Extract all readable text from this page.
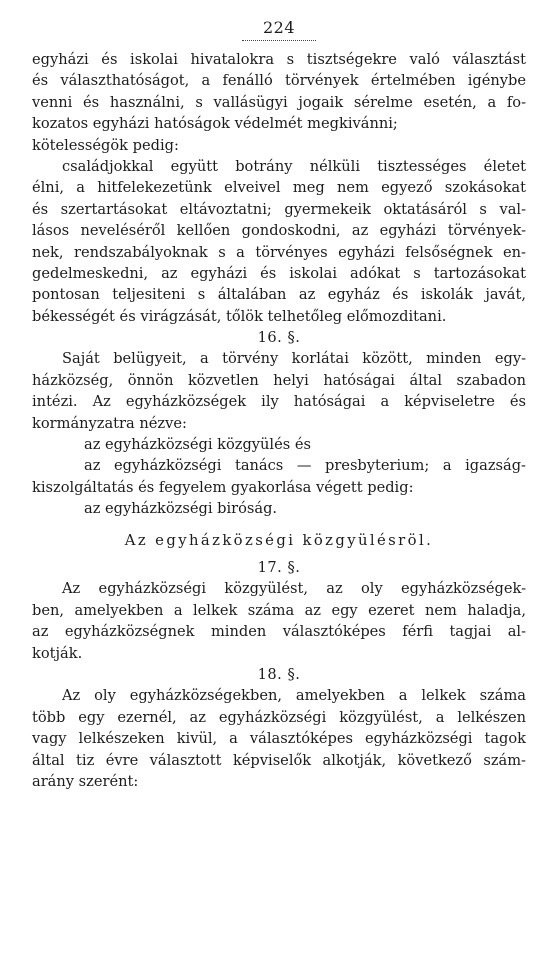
224
egyházi és iskolai hivatalokra s tisztségekre való választást
és választhatóságot, a fenálló törvények értelmében igénybe
venni és használni, s vallásügyi jogaik sérelme esetén, a fo-
kozatos egyházi hatóságok védelmét megkivánni;
kötelességök pedig:
családjokkal együtt botrány nélküli tisztességes életet
élni, a hitfelekezetünk elveivel meg nem egyező szokásokat
és szertartásokat eltávoztatni; gyermekeik oktatásáról s val-
lásos neveléséről kellően gondoskodni, az egyházi törvények-
nek, rendszabályoknak s a törvényes egyházi felsőségnek en-
gedelmeskedni, az egyházi és iskolai adókat s tartozásokat
pontosan teljesiteni s általában az egyház és iskolák javát,
békességét és virágzását, tőlök telhetőleg előmozditani.
16. §.
Saját belügyeit, a törvény korlátai között, minden egy-
házközség, önnön közvetlen helyi hatóságai által szabadon
intézi. Az egyházközségek ily hatóságai a képviseletre és
kormányzatra nézve:
az egyházközségi közgyülés és
az egyházközségi tanács — presbyterium; a igazság-
kiszolgáltatás és fegyelem gyakorlása végett pedig:
az egyházközségi biróság.
Az egyházközségi közgyülésröl.
17. §.
Az egyházközségi közgyülést, az oly egyházközségek-
ben, amelyekben a lelkek száma az egy ezeret nem haladja,
az egyházközségnek minden választóképes férfi tagjai al-
kotják.
18. §.
Az oly egyházközségekben, amelyekben a lelkek száma
több egy ezernél, az egyházközségi közgyülést, a lelkészen
vagy lelkészeken kivül, a választóképes egyházközségi tagok
által tiz évre választott képviselők alkotják, következő szám-
arány szerént:
